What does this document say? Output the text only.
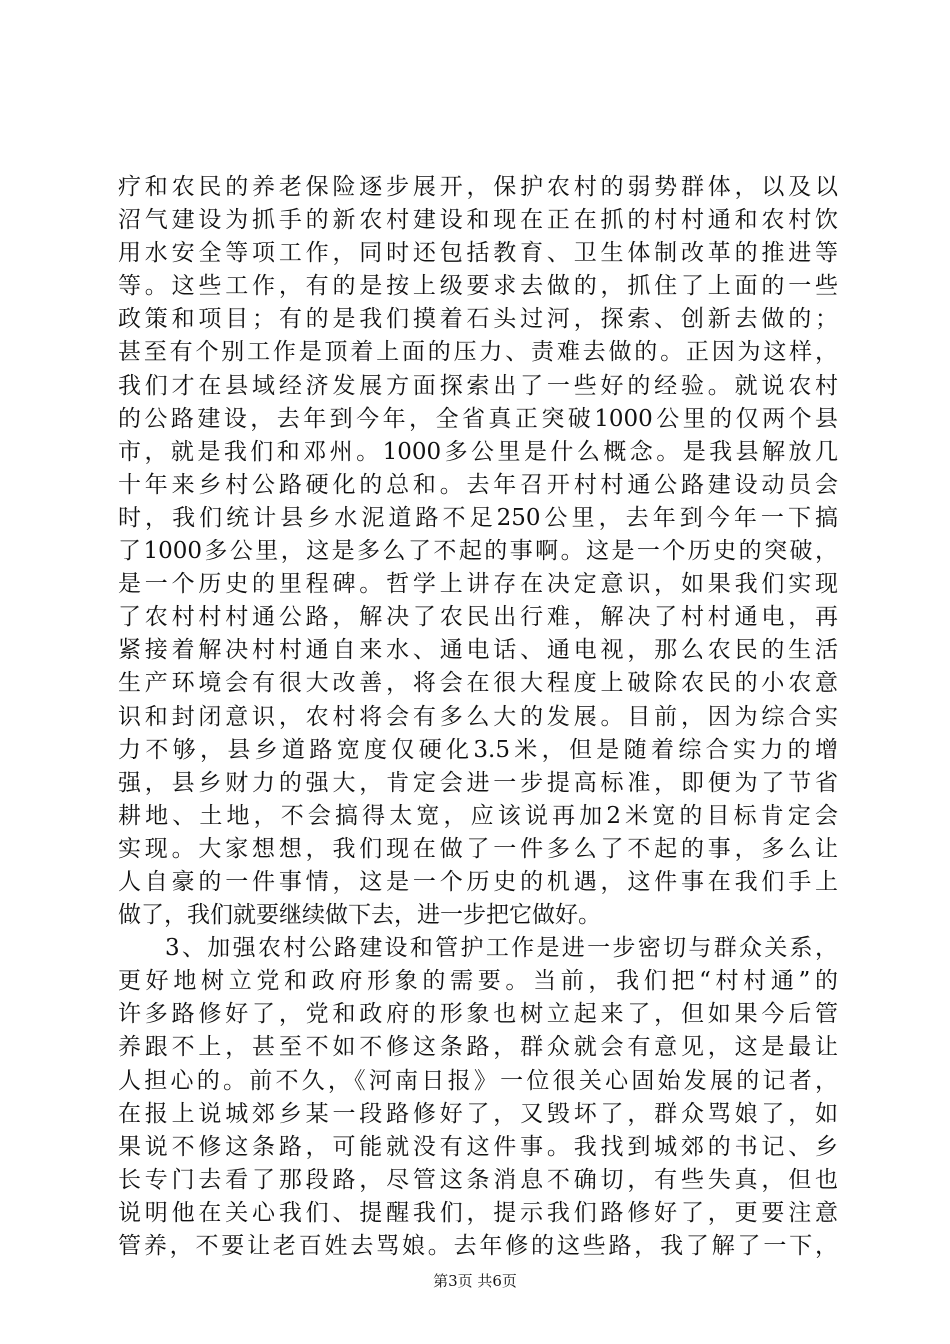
疗和农民的养老保险逐步展开，保护农村的弱势群体，以及以
沼气建设为抓手的新农村建设和现在正在抓的村村通和农村饮
用水安全等项工作，同时还包括教育、卫生体制改革的推进等
等。这些工作，有的是按上级要求去做的，抓住了上面的一些
政策和项目；有的是我们摸着石头过河，探索、创新去做的；
甚至有个别工作是顶着上面的压力、责难去做的。正因为这样，
我们才在县域经济发展方面探索出了一些好的经验。就说农村
的公路建设，去年到今年，全省真正突破1000公里的仅两个县
市，就是我们和邓州。1000多公里是什么概念。是我县解放几
十年来乡村公路硬化的总和。去年召开村村通公路建设动员会
时，我们统计县乡水泥道路不足250公里，去年到今年一下搞
了1000多公里，这是多么了不起的事啊。这是一个历史的突破，
是一个历史的里程碑。哲学上讲存在决定意识，如果我们实现
了农村村村通公路，解决了农民出行难，解决了村村通电，再
紧接着解决村村通自来水、通电话、通电视，那么农民的生活
生产环境会有很大改善，将会在很大程度上破除农民的小农意
识和封闭意识，农村将会有多么大的发展。目前，因为综合实
力不够，县乡道路宽度仅硬化3.5米，但是随着综合实力的增
强，县乡财力的强大，肯定会进一步提高标准，即便为了节省
耕地、土地，不会搞得太宽，应该说再加2米宽的目标肯定会
实现。大家想想，我们现在做了一件多么了不起的事，多么让
人自豪的一件事情，这是一个历史的机遇，这件事在我们手上
做了，我们就要继续做下去，进一步把它做好。
3、加强农村公路建设和管护工作是进一步密切与群众关系，
更好地树立党和政府形象的需要。当前，我们把“村村通”的
许多路修好了，党和政府的形象也树立起来了，但如果今后管
养跟不上，甚至不如不修这条路，群众就会有意见，这是最让
人担心的。前不久，《河南日报》一位很关心固始发展的记者，
在报上说城郊乡某一段路修好了，又毁坏了，群众骂娘了，如
果说不修这条路，可能就没有这件事。我找到城郊的书记、乡
长专门去看了那段路，尽管这条消息不确切，有些失真，但也
说明他在关心我们、提醒我们，提示我们路修好了，更要注意
管养，不要让老百姓去骂娘。去年修的这些路，我了解了一下，
第3页 共6页
